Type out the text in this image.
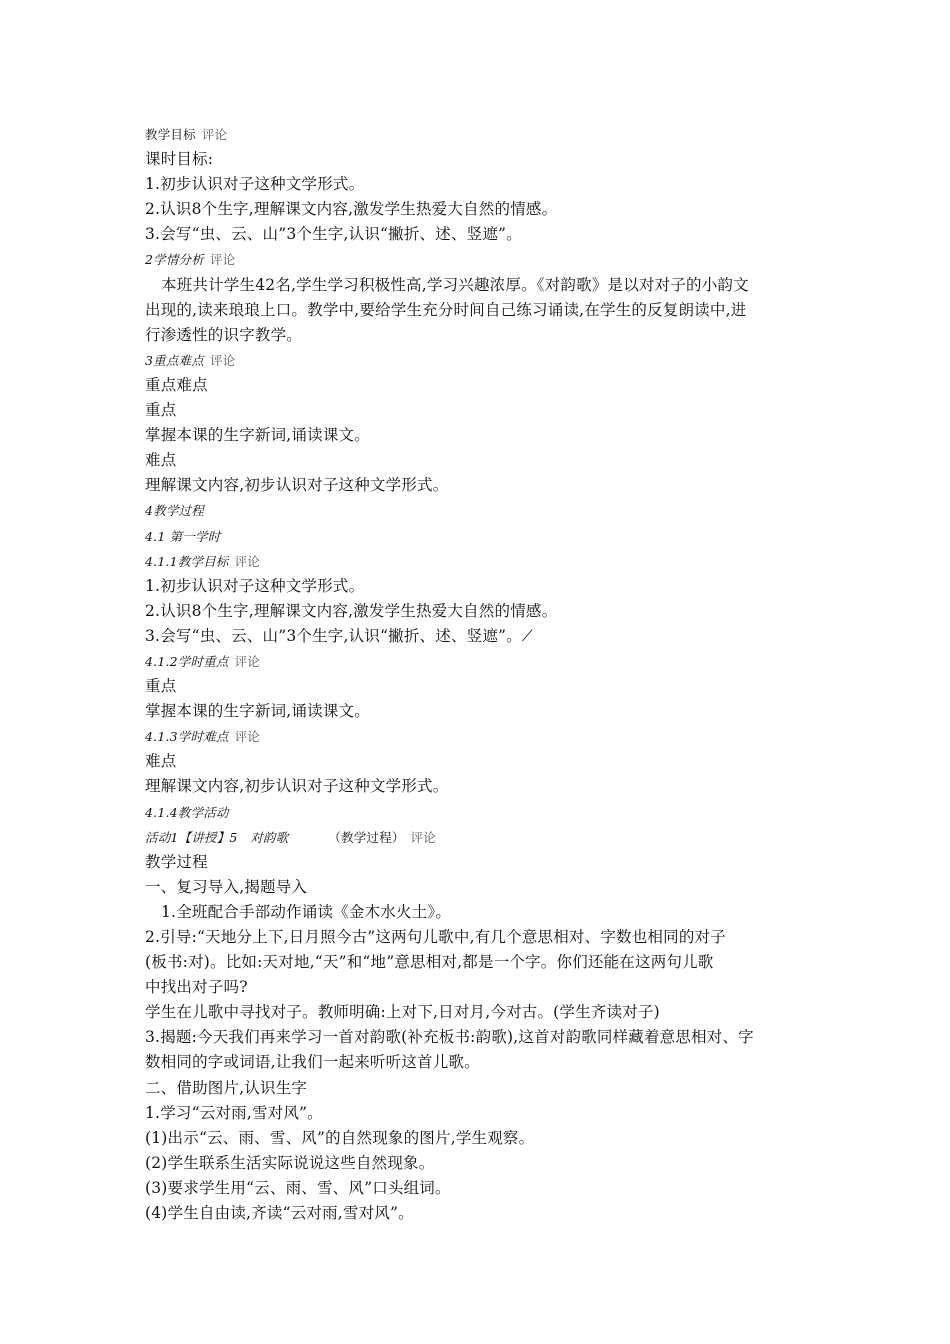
教学目标 评论
课时目标:
1.初步认识对子这种文学形式。
2.认识8个生字,理解课文内容,激发学生热爱大自然的情感。
3.会写“虫、云、山”3个生字,认识“撇折、述、竖遮”。
2学情分析 评论
本班共计学生42名,学生学习积极性高,学习兴趣浓厚。《对韵歌》是以对对子的小韵文
出现的,读来琅琅上口。教学中,要给学生充分时间自己练习诵读,在学生的反复朗读中,进
行渗透性的识字教学。
3重点难点 评论
重点难点
重点
掌握本课的生字新词,诵读课文。
难点
理解课文内容,初步认识对子这种文学形式。
4教学过程
4.1 第一学时
4.1.1教学目标 评论
1.初步认识对子这种文学形式。
2.认识8个生字,理解课文内容,激发学生热爱大自然的情感。
3.会写“虫、云、山”3个生字,认识“撇折、述、竖遮”。⟋
4.1.2学时重点 评论
重点
掌握本课的生字新词,诵读课文。
4.1.3学时难点 评论
难点
理解课文内容,初步认识对子这种文学形式。
4.1.4教学活动
活动1【讲授】5　对韵歌	（教学过程） 评论
教学过程
一、复习导入,揭题导入
1.全班配合手部动作诵读《金木水火土》。
2.引导:“天地分上下,日月照今古”这两句儿歌中,有几个意思相对、字数也相同的对子
(板书:对)。比如:天对地,“天”和“地”意思相对,都是一个字。你们还能在这两句儿歌
中找出对子吗?
学生在儿歌中寻找对子。教师明确:上对下,日对月,今对古。(学生齐读对子)
3.揭题:今天我们再来学习一首对韵歌(补充板书:韵歌),这首对韵歌同样藏着意思相对、字
数相同的字或词语,让我们一起来听听这首儿歌。
二、借助图片,认识生字
1.学习“云对雨,雪对风”。
(1)出示“云、雨、雪、风”的自然现象的图片,学生观察。
(2)学生联系生活实际说说这些自然现象。
(3)要求学生用“云、雨、雪、风”口头组词。
(4)学生自由读,齐读“云对雨,雪对风”。
